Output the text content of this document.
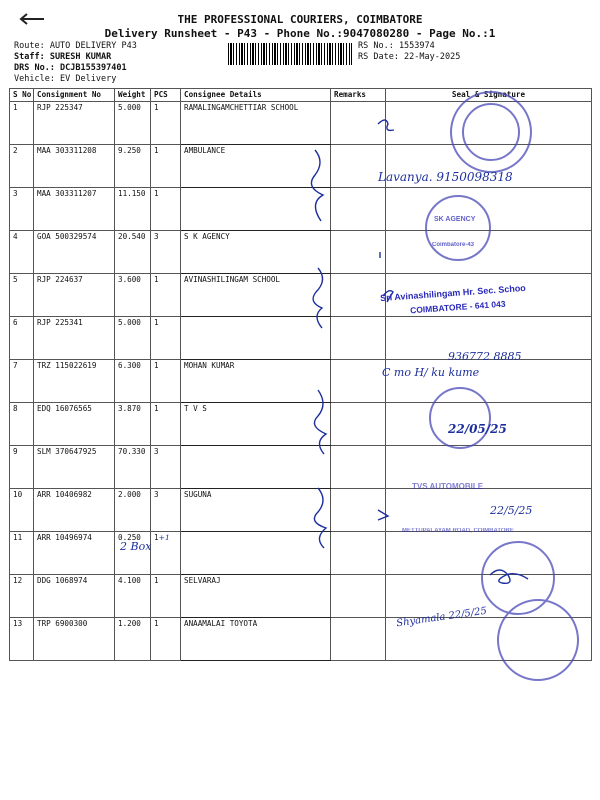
THE PROFESSIONAL COURIERS, COIMBATORE
Delivery Runsheet - P43 - Phone No.:9047080280 - Page No.:1
Route: AUTO DELIVERY P43
Staff: SURESH KUMAR
DRS No.: DCJB155397401
Vehicle: EV Delivery
RS No.: 1553974
RS Date: 22-May-2025
S No	Consignment No	Weight	PCS	Consignee Details	Remarks	Seal & Signature
1	RJP 225347	5.000	1	RAMALINGAMCHETTIAR SCHOOL		
2	MAA 303311208	9.250	1	AMBULANCE		
3	MAA 303311207	11.150	1			
4	GOA 500329574	20.540	3	S K AGENCY		
5	RJP 224637	3.600	1	AVINASHILINGAM SCHOOL		
6	RJP 225341	5.000	1			
7	TRZ 115022619	6.300	1	MOHAN KUMAR		
8	EDQ 16076565	3.870	1	T V S		
9	SLM 370647925	70.330	3			
10	ARR 10406982	2.000	3	SUGUNA		
11	ARR 10496974	0.250	1+1			
12	DDG 1068974	4.100	1	SELVARAJ		
13	TRP 6900300	1.200	1	ANAAMALAI TOYOTA		
Lavanya. 9150098318
936772 8885
C mo H/ ku kume
22/05/25
22/5/25
2 Box
Shyamala 22/5/25
Sri Avinashilingam Hr. Sec. Schoo
COIMBATORE - 641 043
SK AGENCY
Coimbatore-43
TVS AUTOMOBILE
METTUPALAYAM ROAD, COIMBATORE
